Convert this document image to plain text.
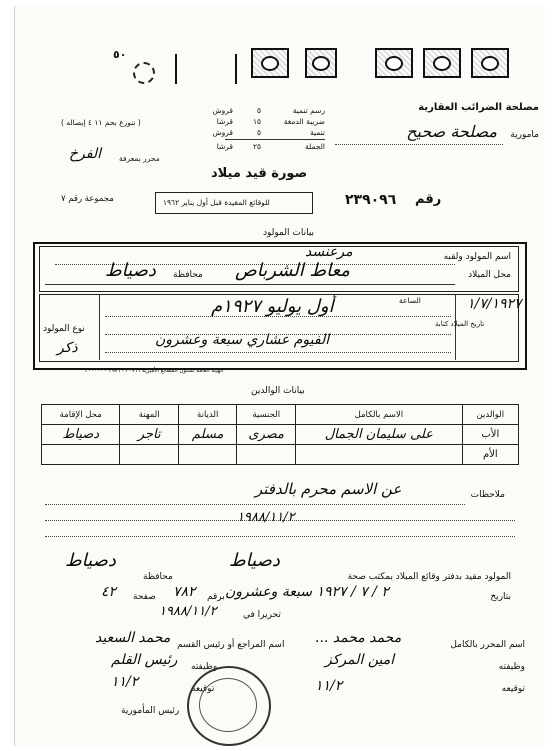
٥٠
مصلحة الضرائب العقارية
مامورية
مصلحة صحيح
رسم تنمية
٥
قروش
ضريبة الدمغة
١٥
قرشا
تنمية
٥
قروش
الجملة
٢٥
قرشا
( تنوزع بحم ١١ ٤ إيصاله )
محرر بمعرفة
الفرخ
صورة قيد ميلاد
مجموعة رقم ٧	للوقائع المقيدة قبل أول يناير ١٩٦٢	٢٣٩٠٩٦ رقم
بيانات المولود
اسم المولود ولقبه
مرعنسد
محل الميلاد
معاط الشرباص
محافظة
دصياط
الساعة
تاريخ الميلاد كتابة
١/٧/١٩٢٧
أول يوليو ١٩٢٧م
الفيوم عشاري سبعة وعشرون
نوع المولود
ذكر
الهيئة العامة لشئون المطابع الأميرية ٢٠٩٦٦ - ١٩٨٦ - ٢٠٠٠٠٠
بيانات الوالدين
الوالدين	الاسم بالكامل	الجنسية	الديانة	المهنة	محل الإقامة
الأب	على سليمان الجمال	مصرى	مسلم	تاجر	دصياط
الأم					
ملاحظات
عن الاسم محرم بالدفتر
١٩٨٨/١١/٢
دصياط
دصياط
المولود مقيد بدفتر وقائع الميلاد بمكتب صحة
محافظة
بتاريخ
٢ / ٧ / ١٩٢٧ سبعة وعشرون
برقم
٧٨٢
صفحة
٤٢
تحريرا في
١٩٨٨/١١/٢
اسم المحرر بالكامل
محمد محمد ...
اسم المراجع أو رئيس القسم
محمد السعيد
وظيفته
امين المركز
وظيفته
رئيس القلم
توقيعه
١١/٢
توقيعه
١١/٢
رئيس المأمورية
